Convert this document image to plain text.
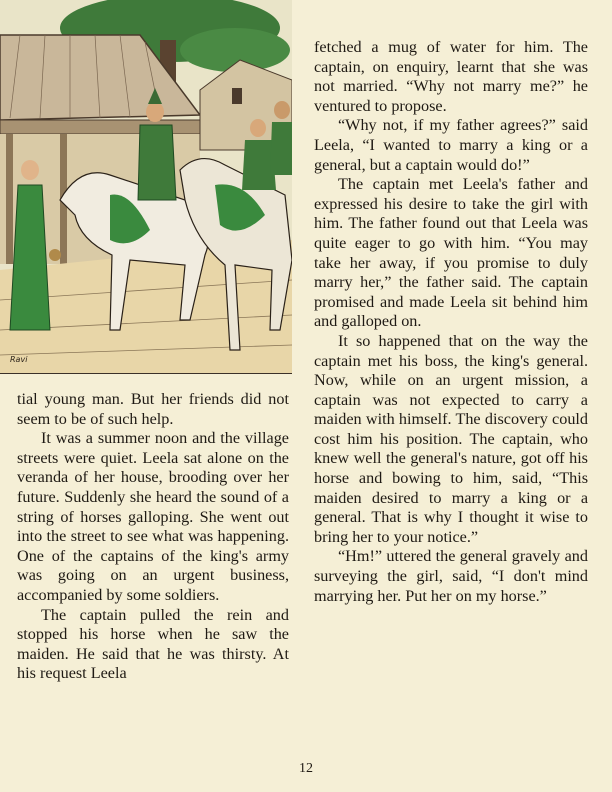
Ravi

tial young man. But her friends did not seem to be of such help.

It was a summer noon and the village streets were quiet. Leela sat alone on the veranda of her house, brooding over her future. Suddenly she heard the sound of a string of horses galloping. She went out into the street to see what was happening. One of the captains of the king's army was going on an urgent business, accompanied by some soldiers.

The captain pulled the rein and stopped his horse when he saw the maiden. He said that he was thirsty. At his request Leela

fetched a mug of water for him. The captain, on enquiry, learnt that she was not married. “Why not marry me?” he ventured to propose.

“Why not, if my father agrees?” said Leela, “I wanted to marry a king or a general, but a captain would do!”

The captain met Leela's father and expressed his desire to take the girl with him. The father found out that Leela was quite eager to go with him. “You may take her away, if you promise to duly marry her,” the father said. The captain promised and made Leela sit behind him and galloped on.

It so happened that on the way the captain met his boss, the king's general. Now, while on an urgent mission, a captain was not expected to carry a maiden with himself. The discovery could cost him his position. The captain, who knew well the general's nature, got off his horse and bowing to him, said, “This maiden desired to marry a king or a general. That is why I thought it wise to bring her to your notice.”

“Hm!” uttered the general gravely and surveying the girl, said, “I don't mind marrying her. Put her on my horse.”

12
